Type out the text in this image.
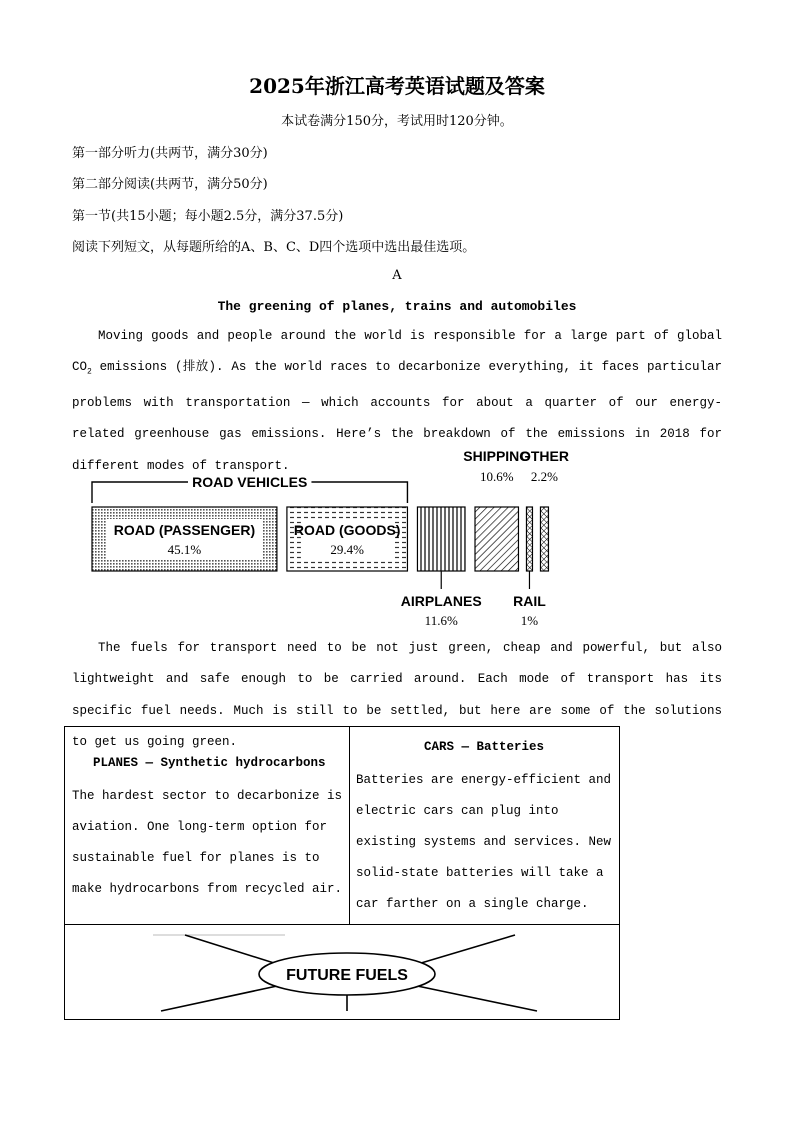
2025年浙江高考英语试题及答案
本试卷满分150分，考试用时120分钟。
第一部分听力(共两节，满分30分)
第二部分阅读(共两节，满分50分)
第一节(共15小题；每小题2.5分，满分37.5分)
阅读下列短文，从每题所给的A、B、C、D四个选项中选出最佳选项。
A
The greening of planes, trains and automobiles
Moving goods and people around the world is responsible for a large part of global $CO_2$ emissions (排放). As the world races to decarbonize everything, it faces particular problems with transportation — which accounts for about a quarter of our energy-related greenhouse gas emissions. Here’s the breakdown of the emissions in 2018 for different modes of transport.
ROAD (PASSENGER)
45.1%
ROAD (GOODS)
29.4%
ROAD VEHICLES
SHIPPING
10.6%
OTHER
2.2%
AIRPLANES
11.6%
RAIL
1%
The fuels for transport need to be not just green, cheap and powerful, but also lightweight and safe enough to be carried around. Each mode of transport has its specific fuel needs. Much is still to be settled, but here are some of the solutions to get us going green.
PLANES — Synthetic hydrocarbons
The hardest sector to decarbonize is aviation. One long-term option for sustainable fuel for planes is to make hydrocarbons from recycled air.
CARS — Batteries
Batteries are energy-efficient and electric cars can plug into existing systems and services. New solid-state batteries will take a car farther on a single charge.
FUTURE FUELS
